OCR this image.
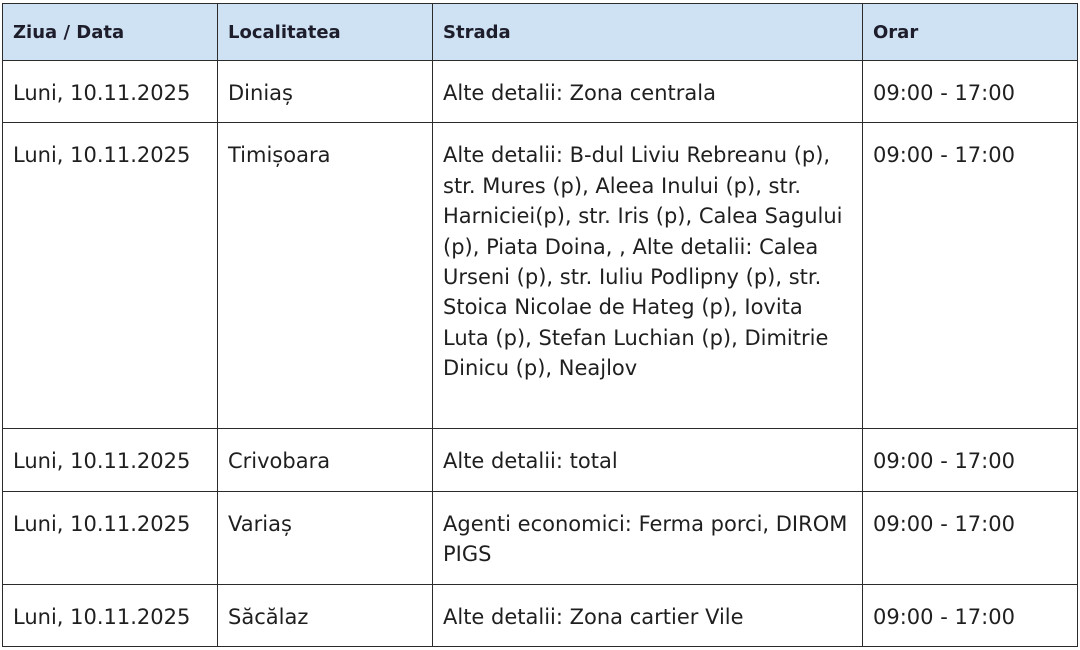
Ziua / Data	Localitatea	Strada	Orar
Luni, 10.11.2025	Diniaș	Alte detalii: Zona centrala	09:00 - 17:00
Luni, 10.11.2025	Timișoara	Alte detalii: B-dul Liviu Rebreanu (p), str. Mures (p), Aleea Inului (p), str. Harniciei(p), str. Iris (p), Calea Sagului (p), Piata Doina, , Alte detalii: Calea Urseni (p), str. Iuliu Podlipny (p), str. Stoica Nicolae de Hateg (p), Iovita Luta (p), Stefan Luchian (p), Dimitrie Dinicu (p), Neajlov	09:00 - 17:00
Luni, 10.11.2025	Crivobara	Alte detalii: total	09:00 - 17:00
Luni, 10.11.2025	Variaș	Agenti economici: Ferma porci, DIROM PIGS	09:00 - 17:00
Luni, 10.11.2025	Săcălaz	Alte detalii: Zona cartier Vile	09:00 - 17:00
